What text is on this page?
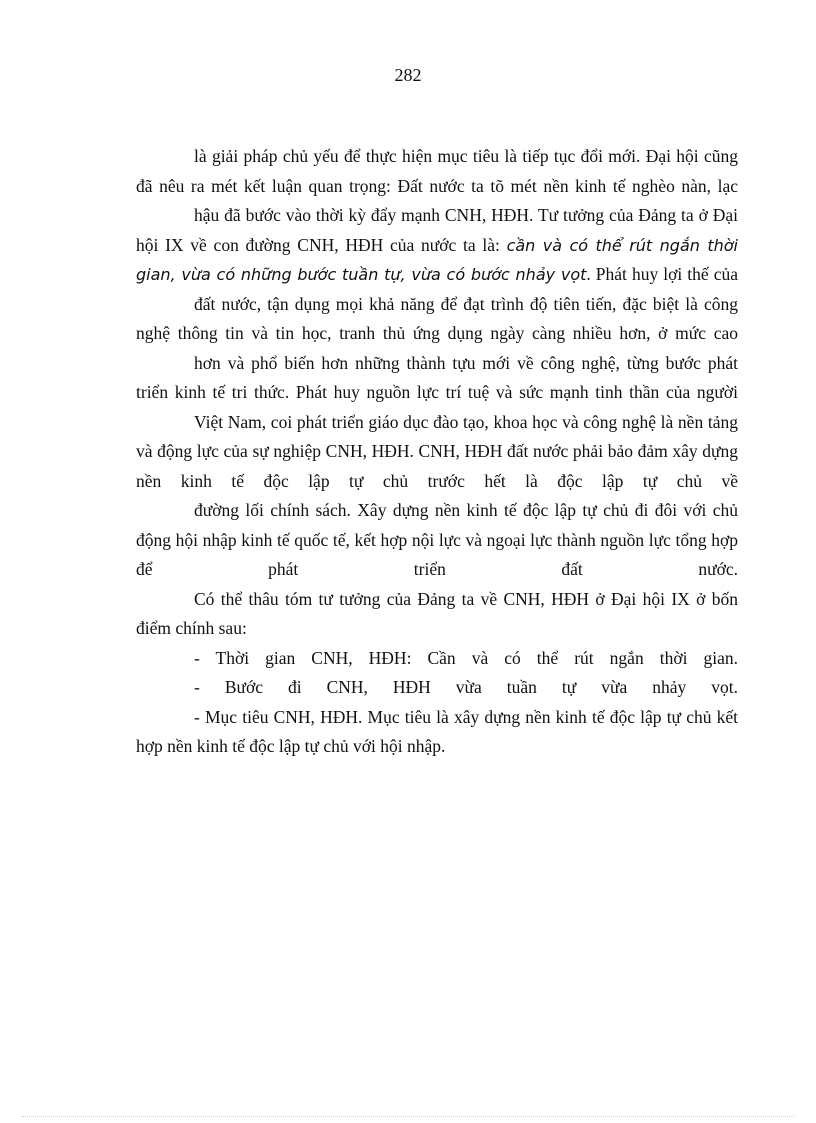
282

là giải pháp chủ yếu để thực hiện mục tiêu là tiếp tục đổi mới. Đại hội cũng đã nêu ra mét kết luận quan trọng: Đất nước ta tõ mét nền kinh tế nghèo nàn, lạc

hậu đã bước vào thời kỳ đẩy mạnh CNH, HĐH. Tư tưởng của Đảng ta ở Đại hội IX về con đường CNH, HĐH của nước ta là: cần và có thể rút ngắn thời gian, vừa có những bước tuần tự, vừa có bước nhảy vọt. Phát huy lợi thế của

đất nước, tận dụng mọi khả năng để đạt trình độ tiên tiến, đặc biệt là công nghệ thông tin và tin học, tranh thủ ứng dụng ngày càng nhiều hơn, ở mức cao

hơn và phổ biến hơn những thành tựu mới về công nghệ, từng bước phát triển kinh tế tri thức. Phát huy nguồn lực trí tuệ và sức mạnh tinh thần của người

Việt Nam, coi phát triển giáo dục đào tạo, khoa học và công nghệ là nền tảng và động lực của sự nghiệp CNH, HĐH. CNH, HĐH đất nước phải bảo đảm xây dựng nền kinh tế độc lập tự chủ trước hết là độc lập tự chủ về

đường lối chính sách. Xây dựng nền kinh tế độc lập tự chủ đi đôi với chủ động hội nhập kinh tế quốc tế, kết hợp nội lực và ngoại lực thành nguồn lực tổng hợp để phát triển đất nước.

Có thể thâu tóm tư tưởng của Đảng ta về CNH, HĐH ở Đại hội IX ở bốn điểm chính sau:

- Thời gian CNH, HĐH: Cần và có thể rút ngắn thời gian.

- Bước đi CNH, HĐH vừa tuần tự vừa nhảy vọt.

- Mục tiêu CNH, HĐH. Mục tiêu là xây dựng nền kinh tế độc lập tự chủ kết hợp nền kinh tế độc lập tự chủ với hội nhập.
